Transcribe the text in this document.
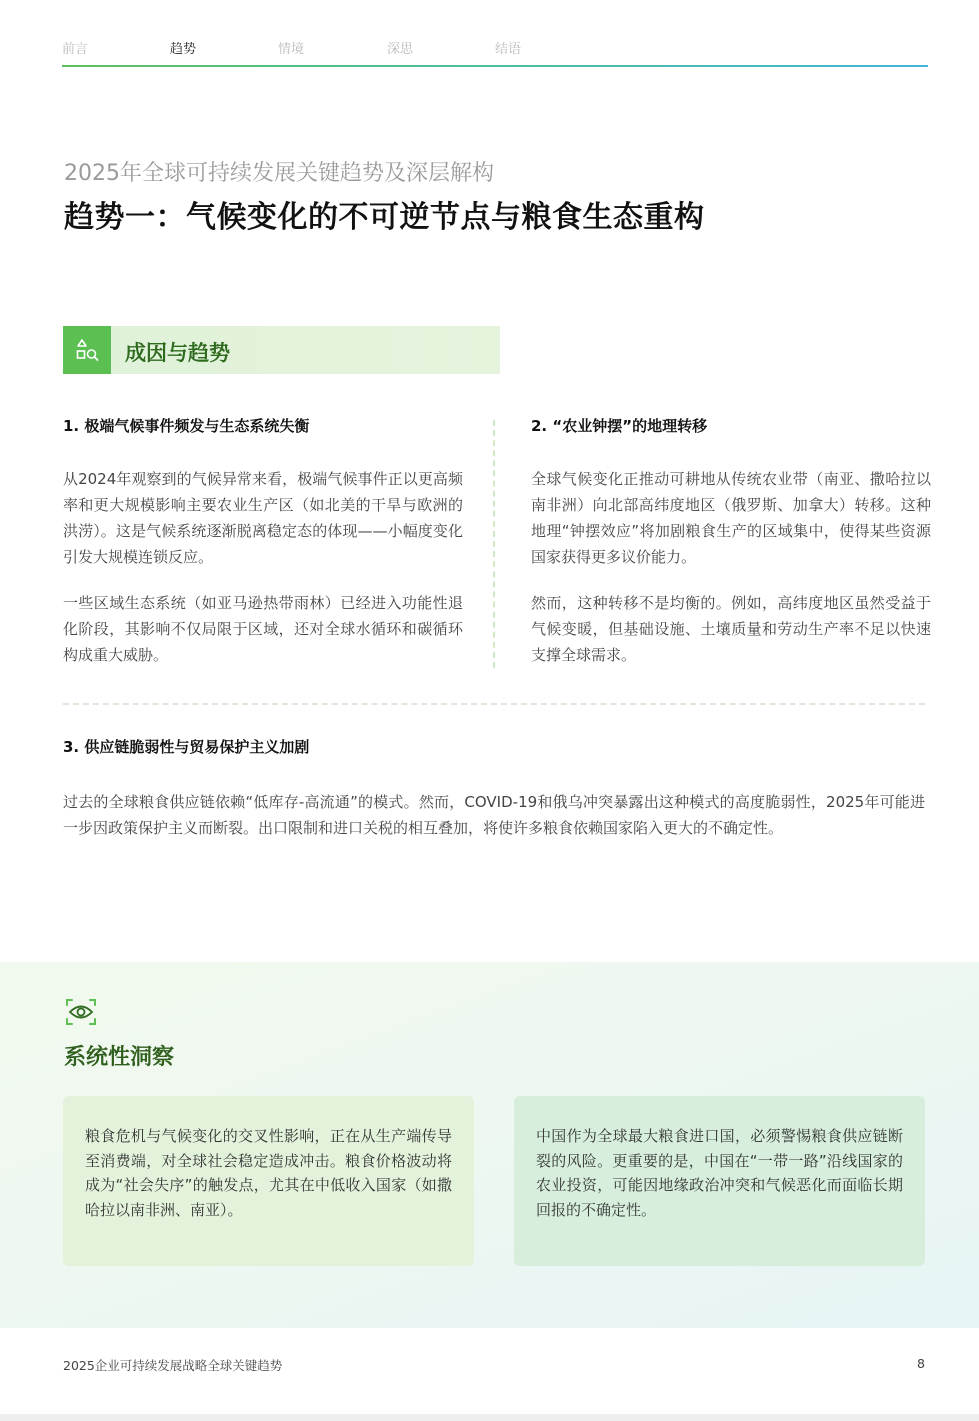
前言	趋势	情境	深思	结语
2025年全球可持续发展关键趋势及深层解构
趋势一：气候变化的不可逆节点与粮食生态重构
成因与趋势
1. 极端气候事件频发与生态系统失衡

从2024年观察到的气候异常来看，极端气候事件正以更高频率和更大规模影响主要农业生产区（如北美的干旱与欧洲的洪涝）。这是气候系统逐渐脱离稳定态的体现——小幅度变化引发大规模连锁反应。

一些区域生态系统（如亚马逊热带雨林）已经进入功能性退化阶段，其影响不仅局限于区域，还对全球水循环和碳循环构成重大威胁。

2. “农业钟摆”的地理转移

全球气候变化正推动可耕地从传统农业带（南亚、撒哈拉以南非洲）向北部高纬度地区（俄罗斯、加拿大）转移。这种地理“钟摆效应”将加剧粮食生产的区域集中，使得某些资源国家获得更多议价能力。

然而，这种转移不是均衡的。例如，高纬度地区虽然受益于气候变暖，但基础设施、土壤质量和劳动生产率不足以快速支撑全球需求。

3. 供应链脆弱性与贸易保护主义加剧

过去的全球粮食供应链依赖“低库存-高流通”的模式。然而，COVID-19和俄乌冲突暴露出这种模式的高度脆弱性，2025年可能进一步因政策保护主义而断裂。出口限制和进口关税的相互叠加，将使许多粮食依赖国家陷入更大的不确定性。

系统性洞察

粮食危机与气候变化的交叉性影响，正在从生产端传导至消费端，对全球社会稳定造成冲击。粮食价格波动将成为“社会失序”的触发点，尤其在中低收入国家（如撒哈拉以南非洲、南亚）。

中国作为全球最大粮食进口国，必须警惕粮食供应链断裂的风险。更重要的是，中国在“一带一路”沿线国家的农业投资，可能因地缘政治冲突和气候恶化而面临长期回报的不确定性。

2025企业可持续发展战略全球关键趋势	8
